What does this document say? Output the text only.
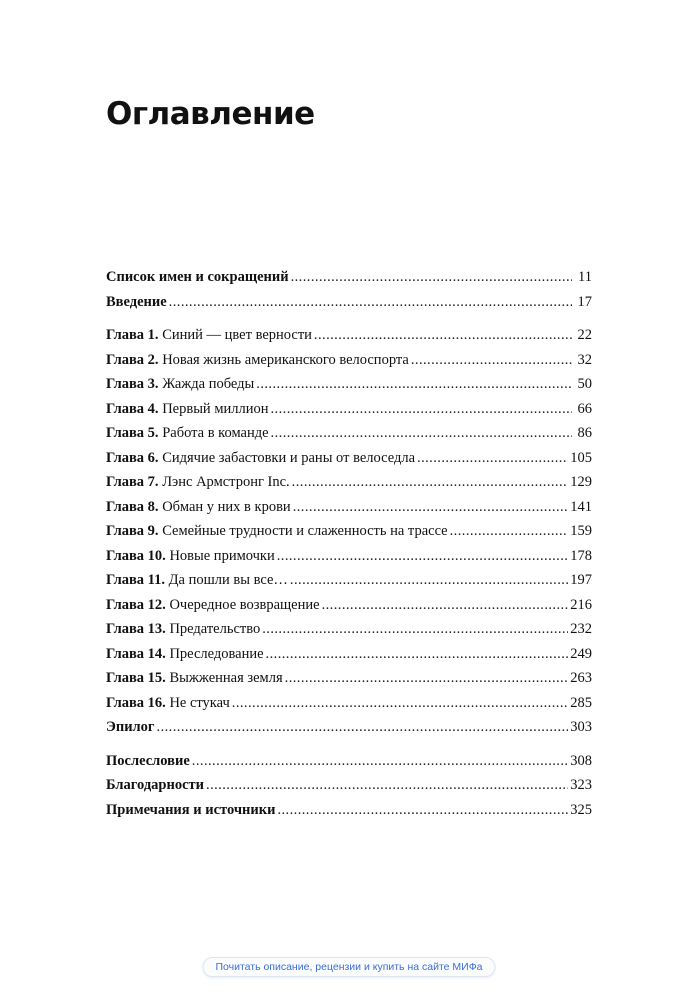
Оглавление
Список имен и сокращений . . .	11
Введение . . .	17
Глава 1. Синий — цвет верности . . .	22
Глава 2. Новая жизнь американского велоспорта . . .	32
Глава 3. Жажда победы . . .	50
Глава 4. Первый миллион . . .	66
Глава 5. Работа в команде . . .	86
Глава 6. Сидячие забастовки и раны от велоседла . . .	105
Глава 7. Лэнс Армстронг Inc. . . .	129
Глава 8. Обман у них в крови . . .	141
Глава 9. Семейные трудности и слаженность на трассе . . .	159
Глава 10. Новые примочки . . .	178
Глава 11. Да пошли вы все… . . .	197
Глава 12. Очередное возвращение . . .	216
Глава 13. Предательство . . .	232
Глава 14. Преследование . . .	249
Глава 15. Выжженная земля . . .	263
Глава 16. Не стукач . . .	285
Эпилог . . .	303
Послесловие . . .	308
Благодарности . . .	323
Примечания и источники . . .	325
Почитать описание, рецензии и купить на сайте МИФа
